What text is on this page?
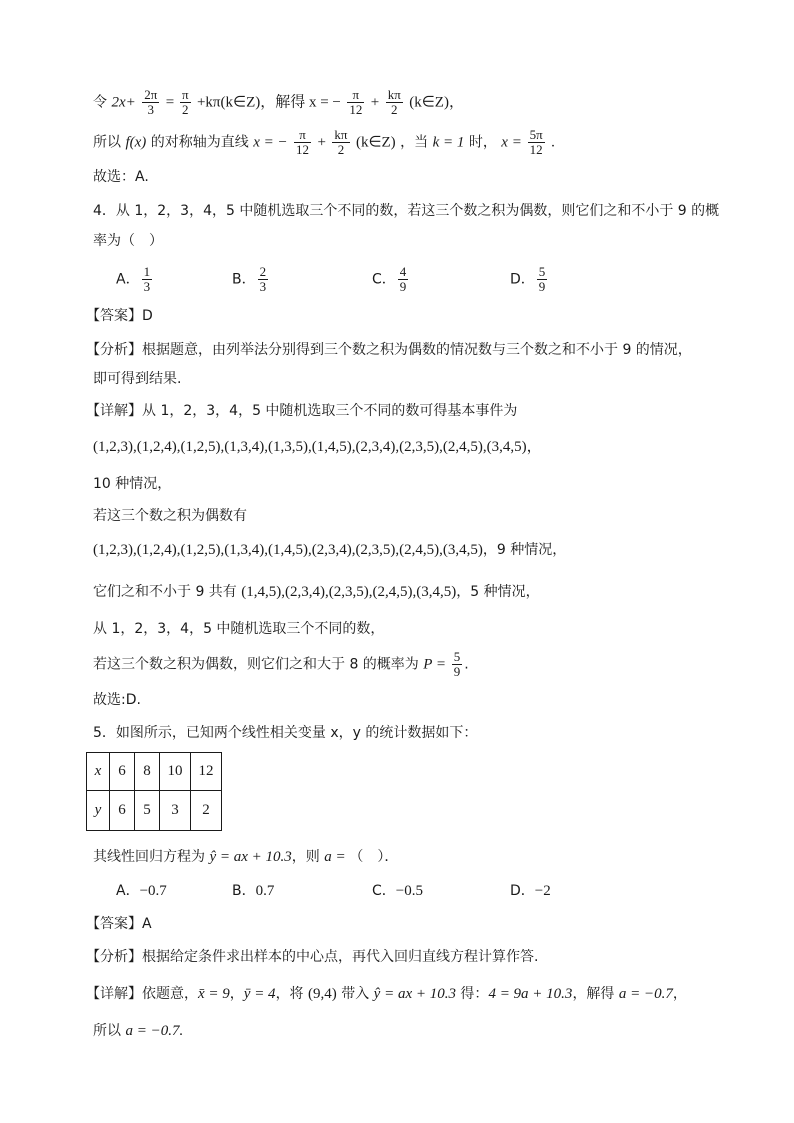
令 $2x+ \frac{2\pi}{3} = \frac{\pi}{2}$ +kπ(k∈Z)，解得 x = − $\frac{\pi}{12} + \frac{k\pi}{2}$ (k∈Z)，
所以 f(x) 的对称轴为直线 x = − $\frac{\pi}{12} + \frac{k\pi}{2}$ (k∈Z) ，当 k = 1 时， $x = \frac{5\pi}{12}$ .
故选：A.
4．从 1，2，3，4，5 中随机选取三个不同的数，若这三个数之积为偶数，则它们之和不小于 9 的概
率为（　）
A． $\frac{1}{3}$	B． $\frac{2}{3}$	C． $\frac{4}{9}$	D． $\frac{5}{9}$
【答案】D
【分析】根据题意，由列举法分别得到三个数之积为偶数的情况数与三个数之和不小于 9 的情况，
即可得到结果.
【详解】从 1，2，3，4，5 中随机选取三个不同的数可得基本事件为
(1,2,3),(1,2,4),(1,2,5),(1,3,4),(1,3,5),(1,4,5),(2,3,4),(2,3,5),(2,4,5),(3,4,5)，
10 种情况，
若这三个数之积为偶数有
(1,2,3),(1,2,4),(1,2,5),(1,3,4),(1,4,5),(2,3,4),(2,3,5),(2,4,5),(3,4,5)，9 种情况，
它们之和不小于 9 共有 (1,4,5),(2,3,4),(2,3,5),(2,4,5),(3,4,5)，5 种情况，
从 1，2，3，4，5 中随机选取三个不同的数，
若这三个数之积为偶数，则它们之和大于 8 的概率为 $P = \frac{5}{9}$ .
故选:D.
5．如图所示，已知两个线性相关变量 x，y 的统计数据如下：
x	6	8	10	12
y	6	5	3	2
其线性回归方程为 ŷ = ax + 10.3，则 a = （　）．
A．−0.7	B．0.7	C．−0.5	D．−2
【答案】A
【分析】根据给定条件求出样本的中心点，再代入回归直线方程计算作答.
【详解】依题意，x̄ = 9，ȳ = 4，将 (9,4) 带入 ŷ = ax + 10.3 得：4 = 9a + 10.3，解得 a = −0.7，
所以 a = −0.7.
